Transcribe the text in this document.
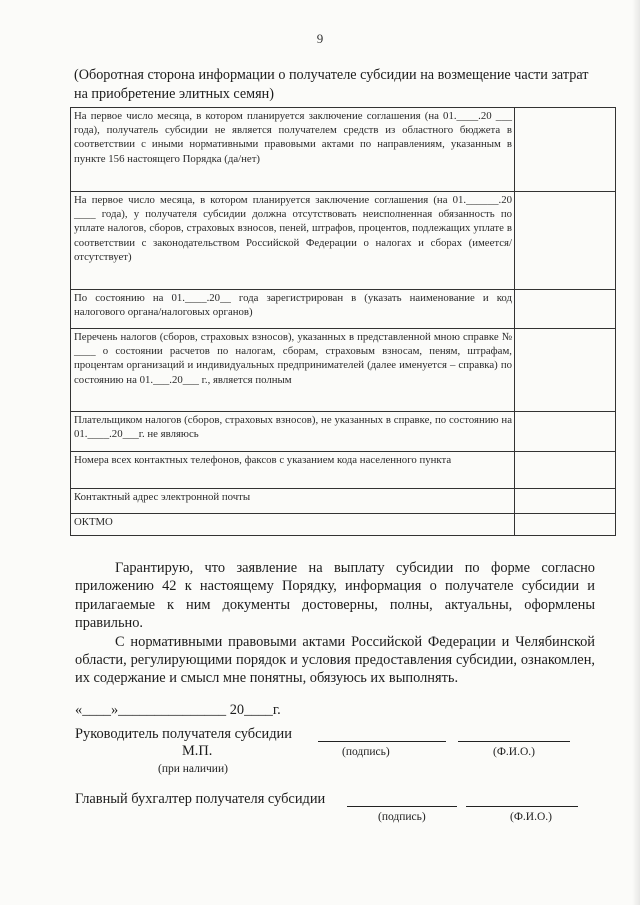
9
(Оборотная сторона информации о получателе субсидии на возмещение части затрат на приобретение элитных семян)
На первое число месяца, в котором планируется заключение соглашения (на 01.____.20 ___ года), получатель субсидии не является получателем средств из областного бюджета в соответствии с иными нормативными правовыми актами по направлениям, указанным в пункте 156 настоящего Порядка (да/нет)	
На первое число месяца, в котором планируется заключение соглашения (на 01.______.20 ____ года), у получателя субсидии должна отсутствовать неисполненная обязанность по уплате налогов, сборов, страховых взносов, пеней, штрафов, процентов, подлежащих уплате в соответствии с законодательством Российской Федерации о налогах и сборах (имеется/отсутствует)	
По состоянию на 01.____.20__ года зарегистрирован в (указать наименование и код налогового органа/налоговых органов)	
Перечень налогов (сборов, страховых взносов), указанных в представленной мною справке № ____ о состоянии расчетов по налогам, сборам, страховым взносам, пеням, штрафам, процентам организаций и индивидуальных предпринимателей (далее именуется – справка) по состоянию на 01.___.20___ г., является полным	
Плательщиком налогов (сборов, страховых взносов), не указанных в справке, по состоянию на 01.____.20___г. не являюсь	
Номера всех контактных телефонов, факсов с указанием кода населенного пункта	
Контактный адрес электронной почты	
ОКТМО	

Гарантирую, что заявление на выплату субсидии по форме согласно приложению 42 к настоящему Порядку, информация о получателе субсидии и прилагаемые к ним документы достоверны, полны, актуальны, оформлены правильно.

С нормативными правовыми актами Российской Федерации и Челябинской области, регулирующими порядок и условия предоставления субсидии, ознакомлен, их содержание и смысл мне понятны, обязуюсь их выполнять.

«____»_______________ 20____г.
Руководитель получателя субсидии
М.П.	(подпись)	(Ф.И.О.)
(при наличии)
Главный бухгалтер получателя субсидии
(подпись)	(Ф.И.О.)
